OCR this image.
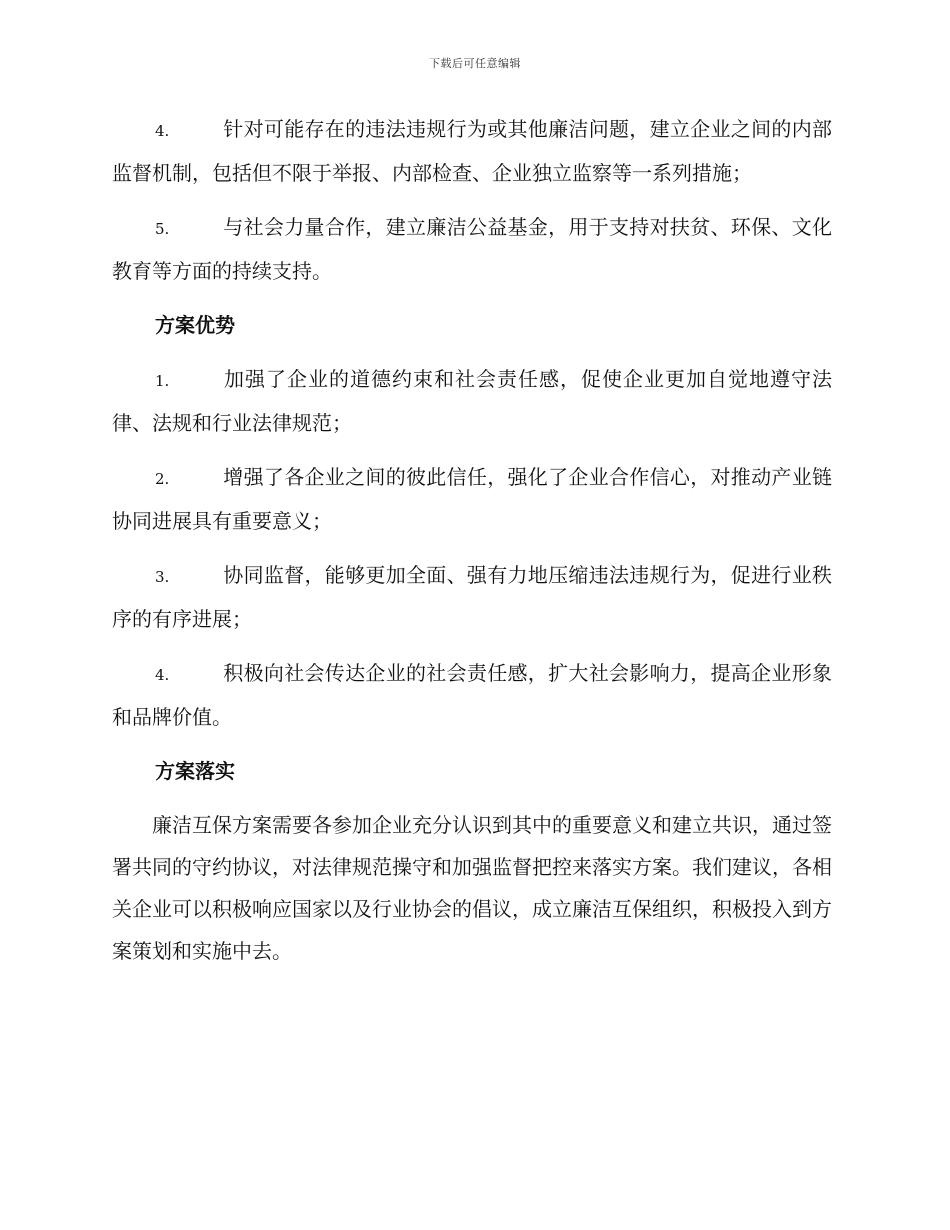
下载后可任意编辑

4.	针对可能存在的违法违规行为或其他廉洁问题，建立企业之间的内部监督机制，包括但不限于举报、内部检查、企业独立监察等一系列措施；

5.	与社会力量合作，建立廉洁公益基金，用于支持对扶贫、环保、文化教育等方面的持续支持。

方案优势

1.	加强了企业的道德约束和社会责任感，促使企业更加自觉地遵守法律、法规和行业法律规范；

2.	增强了各企业之间的彼此信任，强化了企业合作信心，对推动产业链协同进展具有重要意义；

3.	协同监督，能够更加全面、强有力地压缩违法违规行为，促进行业秩序的有序进展；

4.	积极向社会传达企业的社会责任感，扩大社会影响力，提高企业形象和品牌价值。

方案落实

廉洁互保方案需要各参加企业充分认识到其中的重要意义和建立共识，通过签署共同的守约协议，对法律规范操守和加强监督把控来落实方案。我们建议，各相关企业可以积极响应国家以及行业协会的倡议，成立廉洁互保组织，积极投入到方案策划和实施中去。
